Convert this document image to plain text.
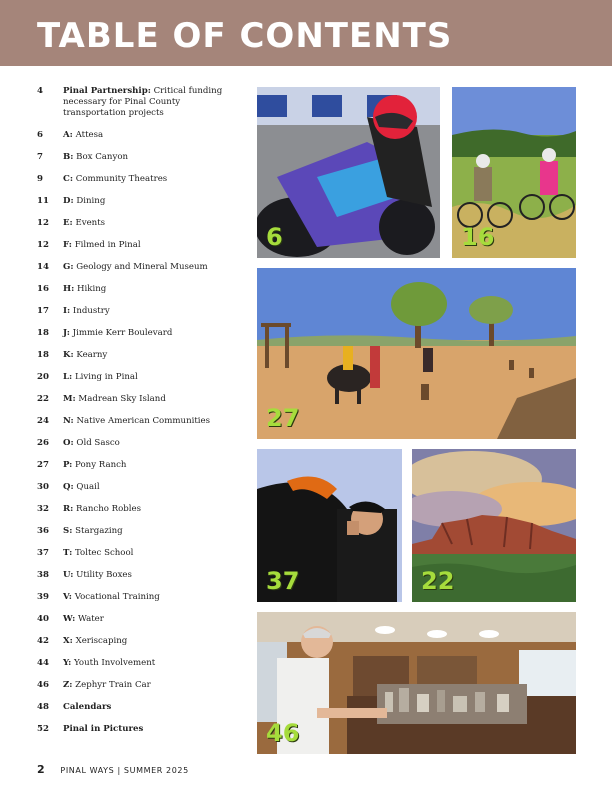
TABLE OF CONTENTS
4	Pinal Partnership: Critical funding necessary for Pinal County transportation projects
6	A: Attesa
7	B: Box Canyon
9	C: Community Theatres
11	D: Dining
12	E: Events
12	F: Filmed in Pinal
14	G: Geology and Mineral Museum
16	H: Hiking
17	I: Industry
18	J: Jimmie Kerr Boulevard
18	K: Kearny
20	L: Living in Pinal
22	M: Madrean Sky Island
24	N: Native American Communities
26	O: Old Sasco
27	P: Pony Ranch
30	Q: Quail
32	R: Rancho Robles
36	S: Stargazing
37	T: Toltec School
38	U: Utility Boxes
39	V: Vocational Training
40	W: Water
42	X: Xeriscaping
44	Y: Youth Involvement
46	Z: Zephyr Train Car
48	Calendars
52	Pinal in Pictures
6	16
27
37	22
46
2 PINAL WAYS | SUMMER 2025
